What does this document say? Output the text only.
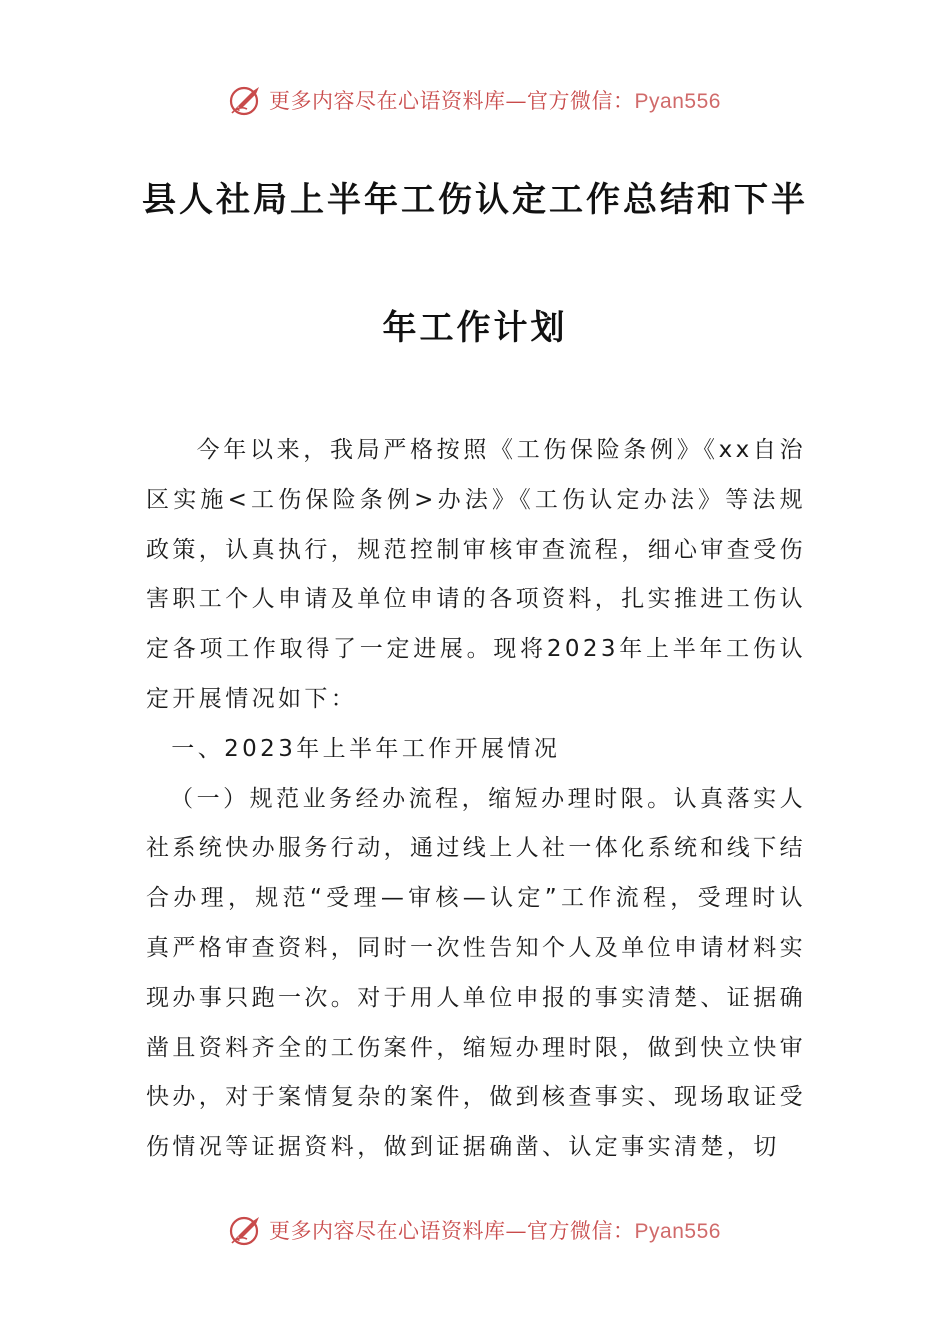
更多内容尽在心语资料库—官方微信：Pyan556
县人社局上半年工伤认定工作总结和下半
年工作计划

今年以来，我局严格按照《工伤保险条例》《xx自治区实施<工伤保险条例>办法》《工伤认定办法》等法规政策，认真执行，规范控制审核审查流程，细心审查受伤害职工个人申请及单位申请的各项资料，扎实推进工伤认定各项工作取得了一定进展。现将2023年上半年工伤认定开展情况如下：

一、2023年上半年工作开展情况

（一）规范业务经办流程，缩短办理时限。认真落实人社系统快办服务行动，通过线上人社一体化系统和线下结合办理，规范“受理—审核—认定”工作流程，受理时认真严格审查资料，同时一次性告知个人及单位申请材料实现办事只跑一次。对于用人单位申报的事实清楚、证据确凿且资料齐全的工伤案件，缩短办理时限，做到快立快审快办，对于案情复杂的案件，做到核查事实、现场取证受伤情况等证据资料，做到证据确凿、认定事实清楚，切

更多内容尽在心语资料库—官方微信：Pyan556
